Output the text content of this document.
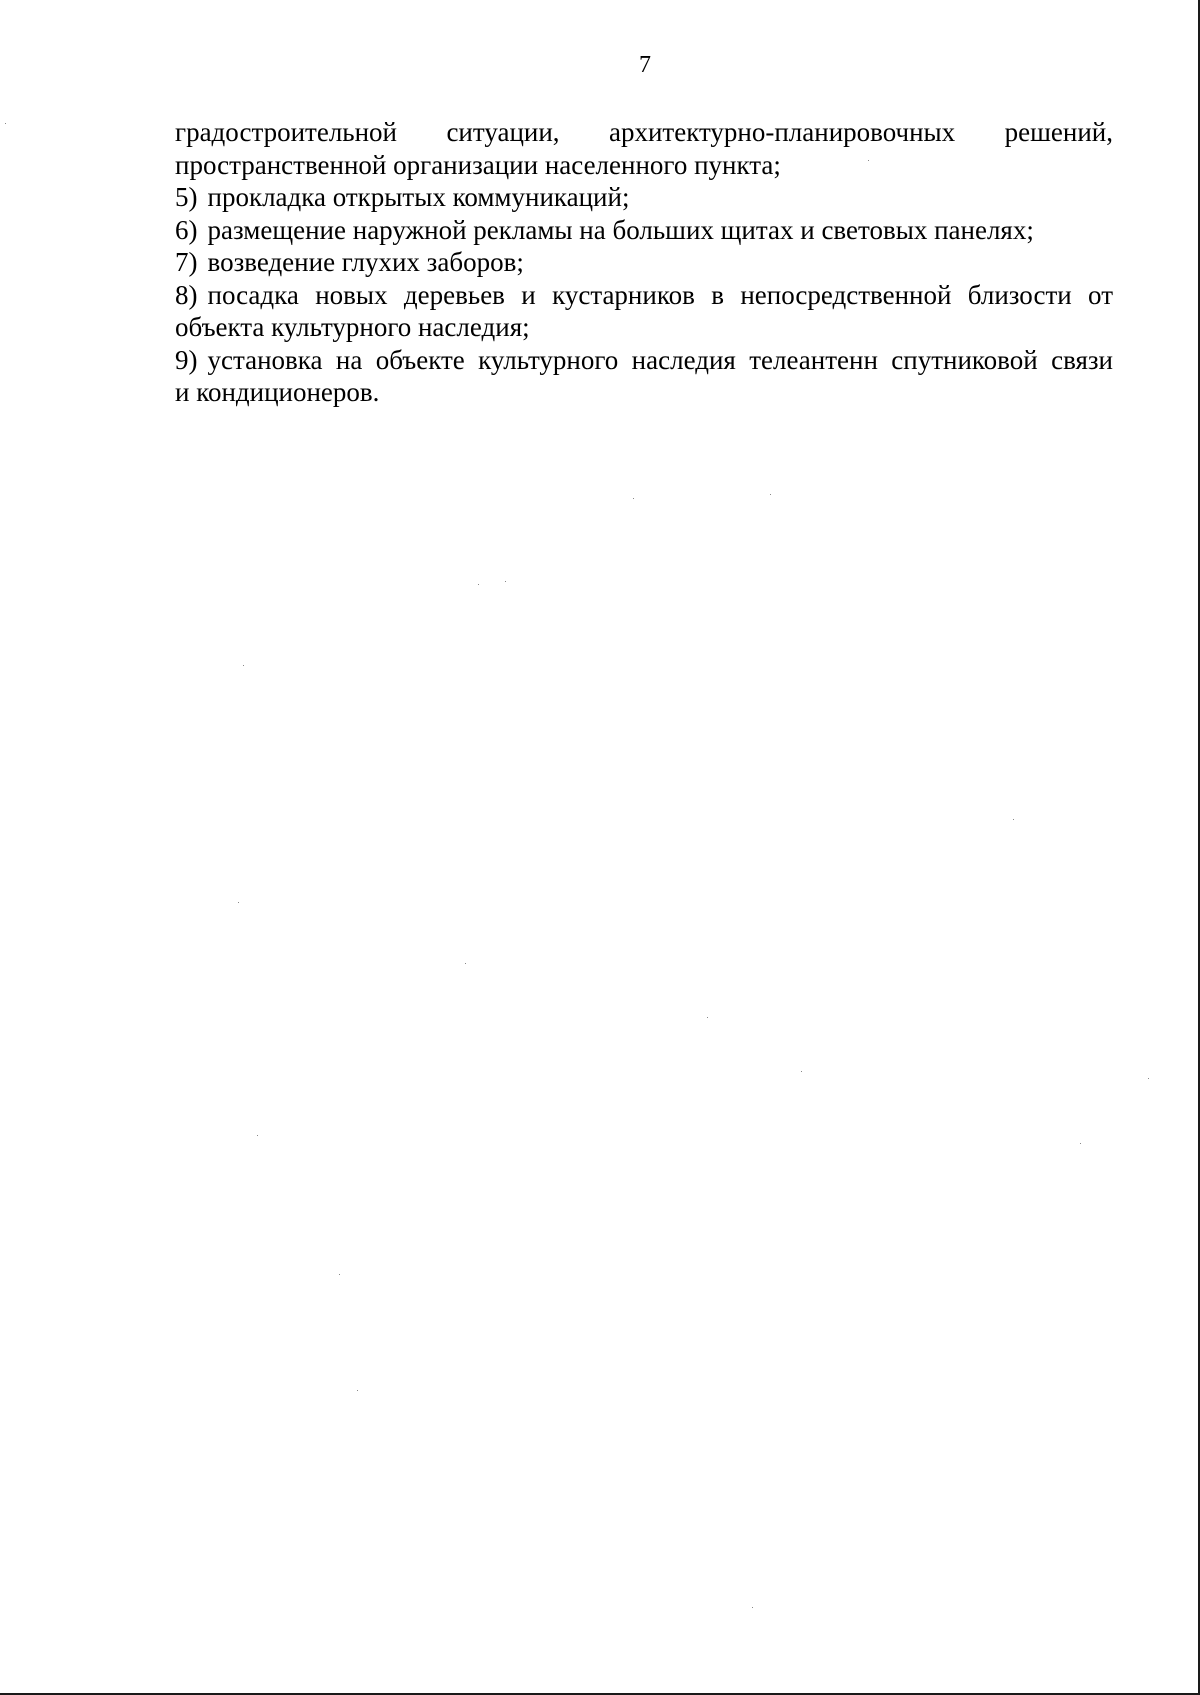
7

градостроительной ситуации, архитектурно-планировочных решений,

пространственной организации населенного пункта;

5) прокладка открытых коммуникаций;

6) размещение наружной рекламы на больших щитах и световых панелях;

7) возведение глухих заборов;

8) посадка новых деревьев и кустарников в непосредственной близости от

объекта культурного наследия;

9) установка на объекте культурного наследия телеантенн спутниковой связи

и кондиционеров.
